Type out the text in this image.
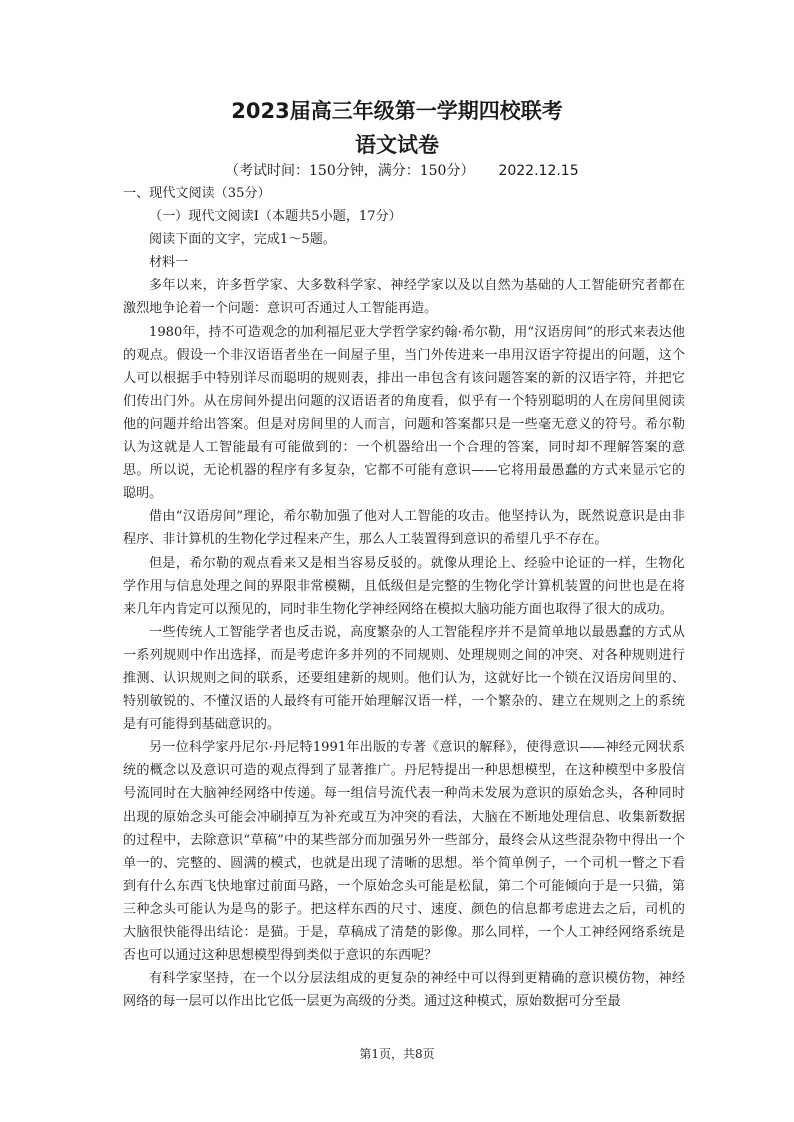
2023届高三年级第一学期四校联考
语文试卷
（考试时间：150分钟，满分：150分） 2022.12.15

一、现代文阅读（35分）

（一）现代文阅读Ⅰ（本题共5小题，17分）

阅读下面的文字，完成1～5题。

材料一

多年以来，许多哲学家、大多数科学家、神经学家以及以自然为基础的人工智能研究者都在激烈地争论着一个问题：意识可否通过人工智能再造。

1980年，持不可造观念的加利福尼亚大学哲学家约翰·希尔勒，用“汉语房间”的形式来表达他的观点。假设一个非汉语语者坐在一间屋子里，当门外传进来一串用汉语字符提出的问题，这个人可以根据手中特别详尽而聪明的规则表，排出一串包含有该问题答案的新的汉语字符，并把它们传出门外。从在房间外提出问题的汉语语者的角度看，似乎有一个特别聪明的人在房间里阅读他的问题并给出答案。但是对房间里的人而言，问题和答案都只是一些毫无意义的符号。希尔勒认为这就是人工智能最有可能做到的：一个机器给出一个合理的答案，同时却不理解答案的意思。所以说，无论机器的程序有多复杂，它都不可能有意识——它将用最愚蠢的方式来显示它的聪明。

借由“汉语房间”理论，希尔勒加强了他对人工智能的攻击。他坚持认为，既然说意识是由非程序、非计算机的生物化学过程来产生，那么人工装置得到意识的希望几乎不存在。

但是，希尔勒的观点看来又是相当容易反驳的。就像从理论上、经验中论证的一样，生物化学作用与信息处理之间的界限非常模糊，且低级但是完整的生物化学计算机装置的问世也是在将来几年内肯定可以预见的，同时非生物化学神经网络在模拟大脑功能方面也取得了很大的成功。

一些传统人工智能学者也反击说，高度繁杂的人工智能程序并不是简单地以最愚蠢的方式从一系列规则中作出选择，而是考虑许多并列的不同规则、处理规则之间的冲突、对各种规则进行推测、认识规则之间的联系，还要组建新的规则。他们认为，这就好比一个锁在汉语房间里的、特别敏锐的、不懂汉语的人最终有可能开始理解汉语一样，一个繁杂的、建立在规则之上的系统是有可能得到基础意识的。

另一位科学家丹尼尔·丹尼特1991年出版的专著《意识的解释》，使得意识——神经元网状系统的概念以及意识可造的观点得到了显著推广。丹尼特提出一种思想模型，在这种模型中多股信号流同时在大脑神经网络中传递。每一组信号流代表一种尚未发展为意识的原始念头，各种同时出现的原始念头可能会冲刷掉互为补充或互为冲突的看法，大脑在不断地处理信息、收集新数据的过程中，去除意识“草稿”中的某些部分而加强另外一些部分，最终会从这些混杂物中得出一个单一的、完整的、圆满的模式，也就是出现了清晰的思想。举个简单例子，一个司机一瞥之下看到有什么东西飞快地窜过前面马路，一个原始念头可能是松鼠，第二个可能倾向于是一只猫，第三种念头可能认为是鸟的影子。把这样东西的尺寸、速度、颜色的信息都考虑进去之后，司机的大脑很快能得出结论：是猫。于是，草稿成了清楚的影像。那么同样，一个人工神经网络系统是否也可以通过这种思想模型得到类似于意识的东西呢？

有科学家坚持，在一个以分层法组成的更复杂的神经中可以得到更精确的意识模仿物，神经网络的每一层可以作出比它低一层更为高级的分类。通过这种模式，原始数据可分至最

第1页，共8页
